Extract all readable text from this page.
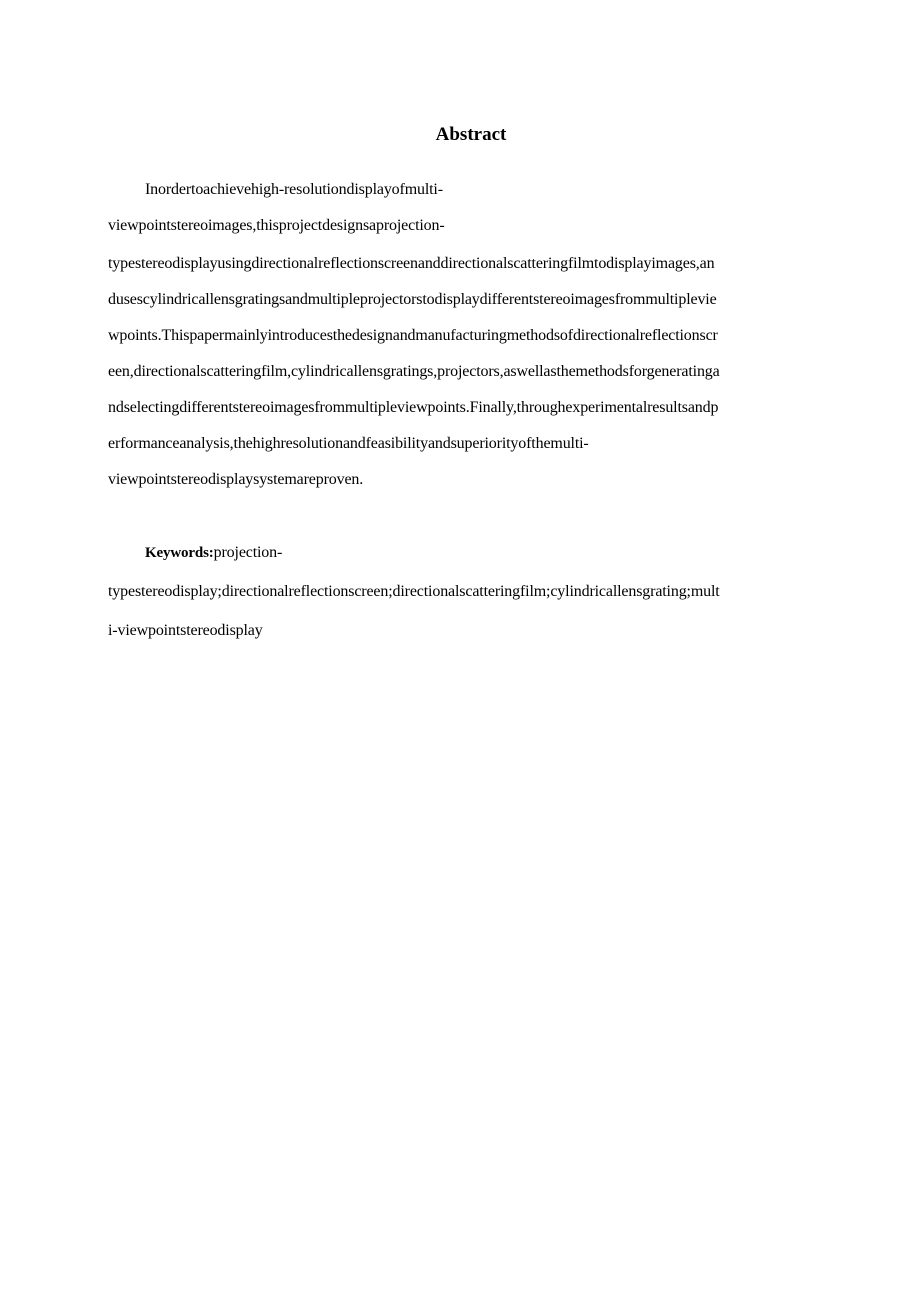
Abstract
Inordertoachievehigh-resolutiondisplayofmulti-
viewpointstereoimages,thisprojectdesignsaprojection-
typestereodisplayusingdirectionalreflectionscreenanddirectionalscatteringfilmtodisplayimages,an
dusescylindricallensgratingsandmultipleprojectorstodisplaydifferentstereoimagesfrommultipleviе
wpoints.Thispapermainlyintroducesthedesignandmanufacturingmethodsofdirectionalreflectionscr
een,directionalscatteringfilm,cylindricallensgratings,projectors,aswellasthemethodsforgeneratinga
ndselectingdifferentstereoimagesfrommultipleviewpoints.Finally,throughexperimentalresultsandp
erformanceanalysis,thehighresolutionandfeasibilityandsuperiorityofthemulti-
viewpointstereodisplaysystemareproven.
Keywords:projection-
typestereodisplay;directionalreflectionscreen;directionalscatteringfilm;cylindricallensgrating;mult
i-viewpointstereodisplay
